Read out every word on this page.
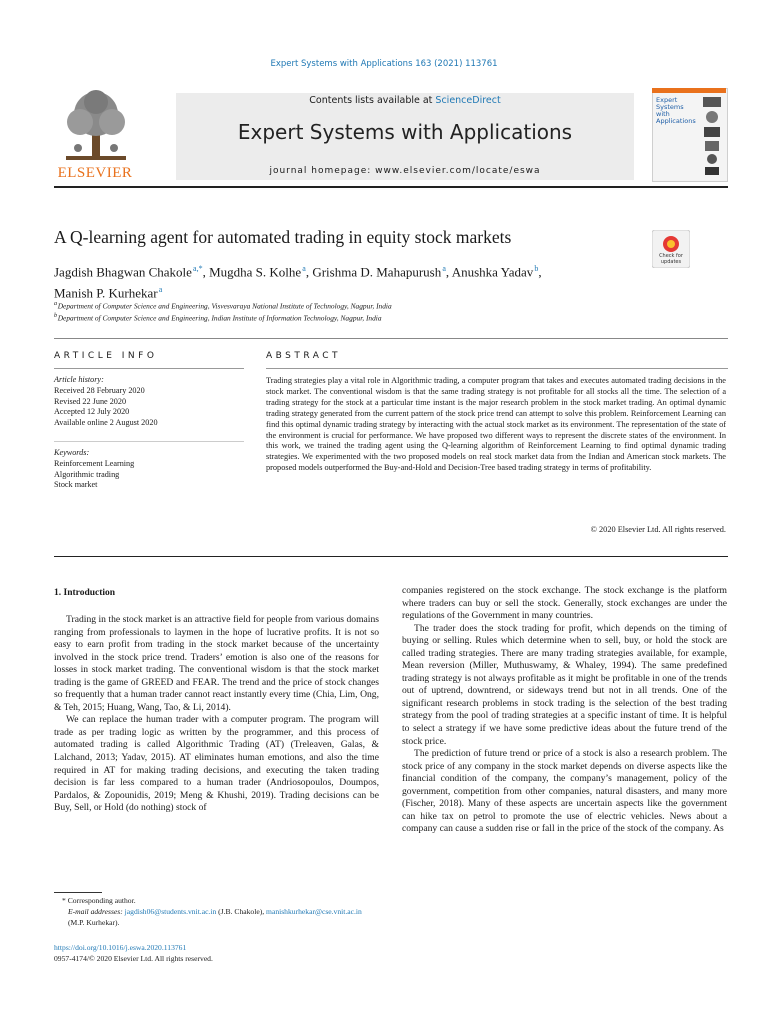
Expert Systems with Applications 163 (2021) 113761
ELSEVIER
Contents lists available at ScienceDirect
Expert Systems with Applications
journal homepage: www.elsevier.com/locate/eswa
Expert Systems with Applications
A Q-learning agent for automated trading in equity stock markets
Check for updates
Jagdish Bhagwan Chakole $^{a,*}$, Mugdha S. Kolhe $^a$, Grishma D. Mahapurush $^a$, Anushka Yadav $^b$,
Manish P. Kurhekar $^a$
$^a$ Department of Computer Science and Engineering, Visvesvaraya National Institute of Technology, Nagpur, India
$^b$ Department of Computer Science and Engineering, Indian Institute of Information Technology, Nagpur, India
ARTICLE INFO
Article history:
Received 28 February 2020
Revised 22 June 2020
Accepted 12 July 2020
Available online 2 August 2020
Keywords:
Reinforcement Learning
Algorithmic trading
Stock market
ABSTRACT
Trading strategies play a vital role in Algorithmic trading, a computer program that takes and executes automated trading decisions in the stock market. The conventional wisdom is that the same trading strategy is not profitable for all stocks all the time. The selection of a trading strategy for the stock at a particular time instant is the major research problem in the stock market trading. An optimal dynamic trading strategy generated from the current pattern of the stock price trend can attempt to solve this problem. Reinforcement Learning can find this optimal dynamic trading strategy by interacting with the actual stock market as its environment. The representation of the state of the environment is crucial for performance. We have proposed two different ways to represent the discrete states of the environment. In this work, we trained the trading agent using the Q-learning algorithm of Reinforcement Learning to find optimal dynamic trading strategies. We experimented with the two proposed models on real stock market data from the Indian and American stock markets. The proposed models outperformed the Buy-and-Hold and Decision-Tree based trading strategy in terms of profitability.
© 2020 Elsevier Ltd. All rights reserved.
1. Introduction

Trading in the stock market is an attractive field for people from various domains ranging from professionals to laymen in the hope of lucrative profits. It is not so easy to earn profit from trading in the stock market because of the uncertainty involved in the stock price trend. Traders’ emotion is also one of the reasons for losses in stock market trading. The conventional wisdom is that the stock market trading is the game of GREED and FEAR. The trend and the price of stock changes so frequently that a human trader cannot react instantly every time (Chia, Lim, Ong, & Teh, 2015; Huang, Wang, Tao, & Li, 2014).

We can replace the human trader with a computer program. The program will trade as per trading logic as written by the programmer, and this process of automated trading is called Algorithmic Trading (AT) (Treleaven, Galas, & Lalchand, 2013; Yadav, 2015). AT eliminates human emotions, and also the time required in AT for making trading decisions, and executing the taken trading decision is far less compared to a human trader (Andriosopoulos, Doumpos, Pardalos, & Zopounidis, 2019; Meng & Khushi, 2019). Trading decisions can be Buy, Sell, or Hold (do nothing) stock of

companies registered on the stock exchange. The stock exchange is the platform where traders can buy or sell the stock. Generally, stock exchanges are under the regulations of the Government in many countries.

The trader does the stock trading for profit, which depends on the timing of buying or selling. Rules which determine when to sell, buy, or hold the stock are called trading strategies. There are many trading strategies available, for example, Mean reversion (Miller, Muthuswamy, & Whaley, 1994). The same predefined trading strategy is not always profitable as it might be profitable in one of the trends out of uptrend, downtrend, or sideways trend but not in all trends. One of the significant research problems in stock trading is the selection of the best trading strategy from the pool of trading strategies at a specific instant of time. It is helpful to select a strategy if we have some predictive ideas about the future trend of the stock price.

The prediction of future trend or price of a stock is also a research problem. The stock price of any company in the stock market depends on diverse aspects like the financial condition of the company, the company’s management, policy of the government, competition from other companies, natural disasters, and many more (Fischer, 2018). Many of these aspects are uncertain aspects like the government can hike tax on petrol to promote the use of electric vehicles. News about a company can cause a sudden rise or fall in the price of the stock of the company. As

* Corresponding author.
E-mail addresses: jagdish06@students.vnit.ac.in (J.B. Chakole), manishkurhekar@cse.vnit.ac.in (M.P. Kurhekar).
https://doi.org/10.1016/j.eswa.2020.113761
0957-4174/© 2020 Elsevier Ltd. All rights reserved.
